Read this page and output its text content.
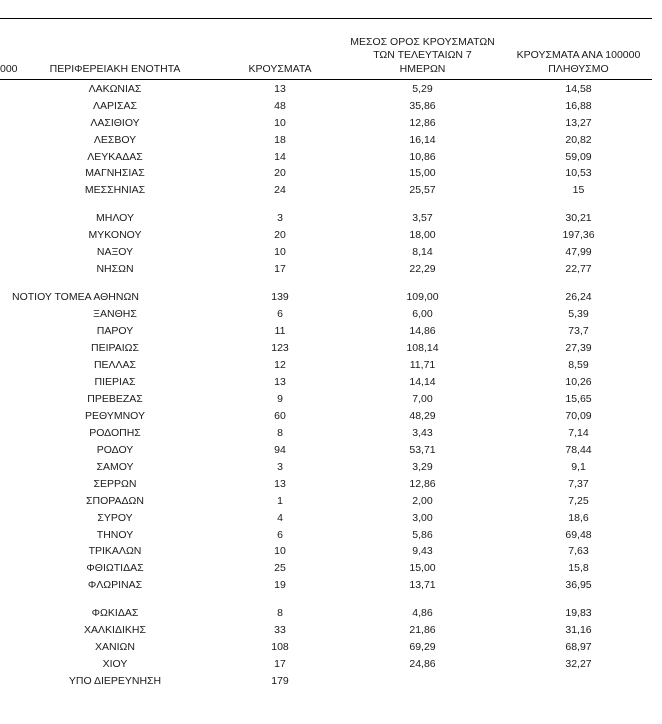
000	ΠΕΡΙΦΕΡΕΙΑΚΗ ΕΝΟΤΗΤΑ	ΚΡΟΥΣΜΑΤΑ	ΜΕΣΟΣ ΟΡΟΣ ΚΡΟΥΣΜΑΤΩΝ
ΤΩΝ ΤΕΛΕΥΤΑΙΩΝ 7
ΗΜΕΡΩΝ	ΚΡΟΥΣΜΑΤΑ ΑΝΑ 100000
ΠΛΗΘΥΣΜΟ

ΛΑΚΩΝΙΑΣ	13	5,29	14,58
ΛΑΡΙΣΑΣ	48	35,86	16,88
ΛΑΣΙΘΙΟΥ	10	12,86	13,27
ΛΕΣΒΟΥ	18	16,14	20,82
ΛΕΥΚΑΔΑΣ	14	10,86	59,09
ΜΑΓΝΗΣΙΑΣ	20	15,00	10,53
ΜΕΣΣΗΝΙΑΣ	24	25,57	15

ΜΗΛΟΥ	3	3,57	30,21
ΜΥΚΟΝΟΥ	20	18,00	197,36
ΝΑΞΟΥ	10	8,14	47,99
ΝΗΣΩΝ	17	22,29	22,77

ΝΟΤΙΟΥ ΤΟΜΕΑ ΑΘΗΝΩΝ	139	109,00	26,24
ΞΑΝΘΗΣ	6	6,00	5,39
ΠΑΡΟΥ	11	14,86	73,7
ΠΕΙΡΑΙΩΣ	123	108,14	27,39
ΠΕΛΛΑΣ	12	11,71	8,59
ΠΙΕΡΙΑΣ	13	14,14	10,26
ΠΡΕΒΕΖΑΣ	9	7,00	15,65
ΡΕΘΥΜΝΟΥ	60	48,29	70,09
ΡΟΔΟΠΗΣ	8	3,43	7,14
ΡΟΔΟΥ	94	53,71	78,44
ΣΑΜΟΥ	3	3,29	9,1
ΣΕΡΡΩΝ	13	12,86	7,37
ΣΠΟΡΑΔΩΝ	1	2,00	7,25
ΣΥΡΟΥ	4	3,00	18,6
ΤΗΝΟΥ	6	5,86	69,48
ΤΡΙΚΑΛΩΝ	10	9,43	7,63
ΦΘΙΩΤΙΔΑΣ	25	15,00	15,8
ΦΛΩΡΙΝΑΣ	19	13,71	36,95

ΦΩΚΙΔΑΣ	8	4,86	19,83
ΧΑΛΚΙΔΙΚΗΣ	33	21,86	31,16
ΧΑΝΙΩΝ	108	69,29	68,97
ΧΙΟΥ	17	24,86	32,27
ΥΠΟ ΔΙΕΡΕΥΝΗΣΗ	179		
